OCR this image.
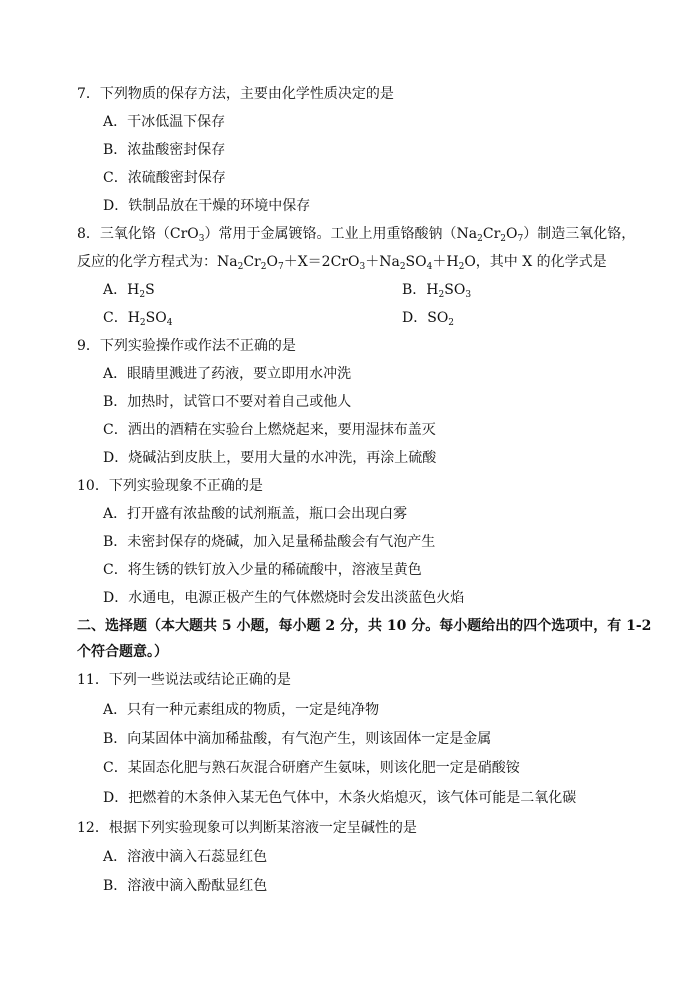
7．下列物质的保存方法，主要由化学性质决定的是
A．干冰低温下保存
B．浓盐酸密封保存
C．浓硫酸密封保存
D．铁制品放在干燥的环境中保存
8．三氧化铬（CrO$_3$）常用于金属镀铬。工业上用重铬酸钠$(Na_2Cr_2O_7)$制造三氧化铬，
反应的化学方程式为：$Na_2Cr_2O_7+X=2CrO_3+Na_2SO_4+H_2O$，其中 X 的化学式是
A．$H_2S$	B．$H_2SO_3$
C．$H_2SO_4$	D．$SO_2$
9．下列实验操作或作法不正确的是
A．眼睛里溅进了药液，要立即用水冲洗
B．加热时，试管口不要对着自己或他人
C．洒出的酒精在实验台上燃烧起来，要用湿抹布盖灭
D．烧碱沾到皮肤上，要用大量的水冲洗，再涂上硫酸
10．下列实验现象不正确的是
A．打开盛有浓盐酸的试剂瓶盖，瓶口会出现白雾
B．未密封保存的烧碱，加入足量稀盐酸会有气泡产生
C．将生锈的铁钉放入少量的稀硫酸中，溶液呈黄色
D．水通电，电源正极产生的气体燃烧时会发出淡蓝色火焰
二、选择题（本大题共 5 小题，每小题 2 分，共 10 分。每小题给出的四个选项中，有 1-2
个符合题意。）
11．下列一些说法或结论正确的是
A．只有一种元素组成的物质，一定是纯净物
B．向某固体中滴加稀盐酸，有气泡产生，则该固体一定是金属
C．某固态化肥与熟石灰混合研磨产生氨味，则该化肥一定是硝酸铵
D．把燃着的木条伸入某无色气体中，木条火焰熄灭，该气体可能是二氧化碳
12．根据下列实验现象可以判断某溶液一定呈碱性的是
A．溶液中滴入石蕊显红色
B．溶液中滴入酚酞显红色
